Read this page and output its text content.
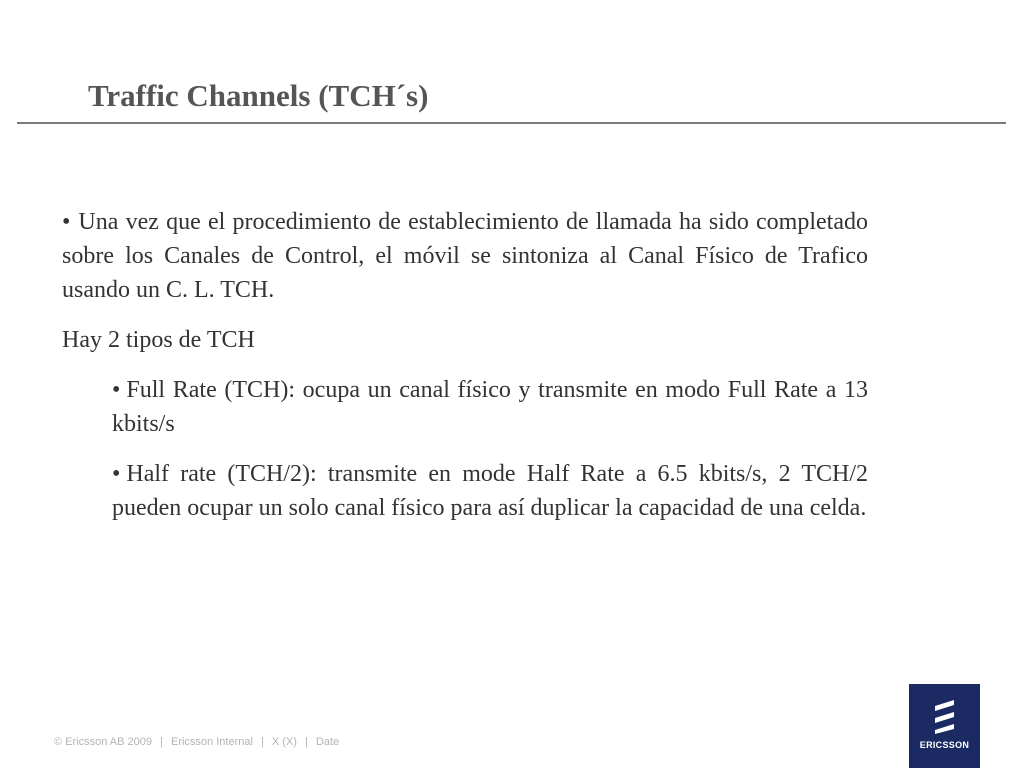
Traffic Channels (TCH´s)

• Una vez que el procedimiento de establecimiento de llamada ha sido completado sobre los Canales de Control, el móvil se sintoniza al Canal Físico de Trafico usando un C. L. TCH.

Hay 2 tipos de TCH

• Full Rate (TCH): ocupa un canal físico y transmite en modo Full Rate a 13 kbits/s

• Half rate (TCH/2): transmite en mode Half Rate a 6.5 kbits/s, 2 TCH/2 pueden ocupar un solo canal físico para así duplicar la capacidad de una celda.

© Ericsson AB 2009 | Ericsson Internal | X (X) | Date	ERICSSON
